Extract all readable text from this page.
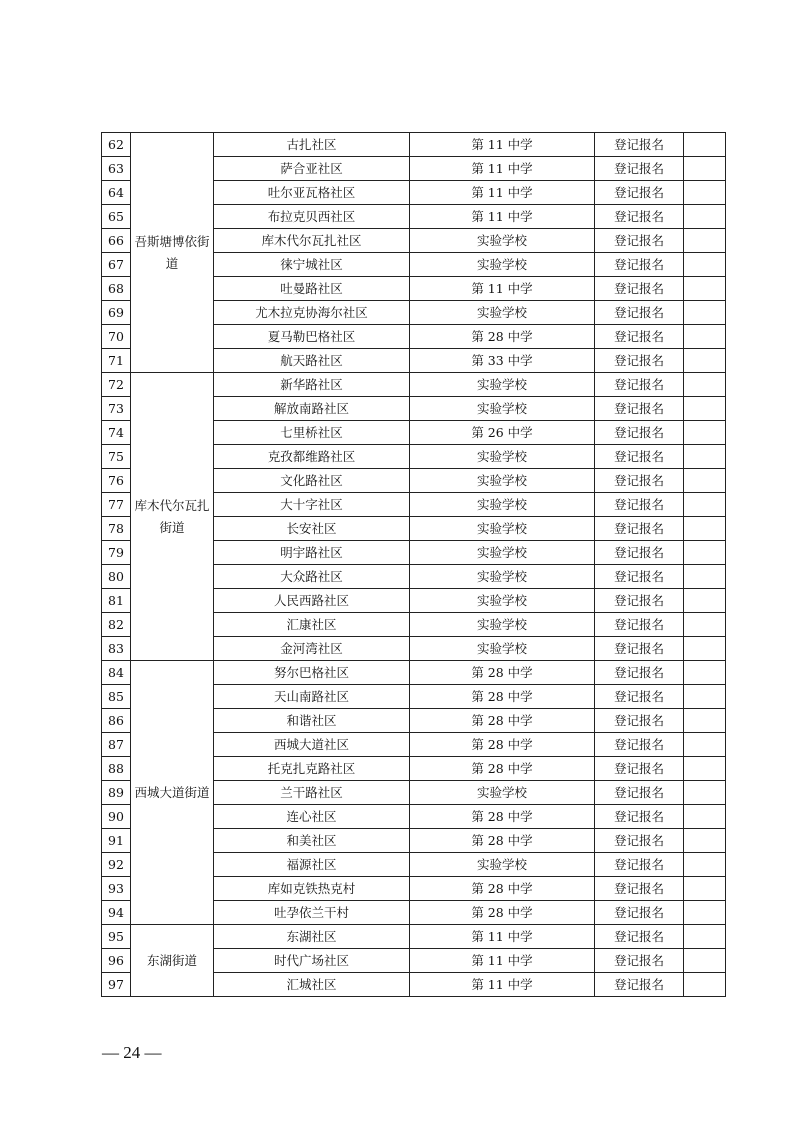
62	吾斯塘博依街道	古扎社区	第 11 中学	登记报名	
63		萨合亚社区	第 11 中学	登记报名	
64		吐尔亚瓦格社区	第 11 中学	登记报名	
65		布拉克贝西社区	第 11 中学	登记报名	
66		库木代尔瓦扎社区	实验学校	登记报名	
67		徕宁城社区	实验学校	登记报名	
68		吐曼路社区	第 11 中学	登记报名	
69		尤木拉克协海尔社区	实验学校	登记报名	
70		夏马勒巴格社区	第 28 中学	登记报名	
71		航天路社区	第 33 中学	登记报名	
72	库木代尔瓦扎街道	新华路社区	实验学校	登记报名	
73		解放南路社区	实验学校	登记报名	
74		七里桥社区	第 26 中学	登记报名	
75		克孜都维路社区	实验学校	登记报名	
76		文化路社区	实验学校	登记报名	
77		大十字社区	实验学校	登记报名	
78		长安社区	实验学校	登记报名	
79		明宇路社区	实验学校	登记报名	
80		大众路社区	实验学校	登记报名	
81		人民西路社区	实验学校	登记报名	
82		汇康社区	实验学校	登记报名	
83		金河湾社区	实验学校	登记报名	
84	西城大道街道	努尔巴格社区	第 28 中学	登记报名	
85		天山南路社区	第 28 中学	登记报名	
86		和谐社区	第 28 中学	登记报名	
87		西城大道社区	第 28 中学	登记报名	
88		托克扎克路社区	第 28 中学	登记报名	
89		兰干路社区	实验学校	登记报名	
90		连心社区	第 28 中学	登记报名	
91		和美社区	第 28 中学	登记报名	
92		福源社区	实验学校	登记报名	
93		库如克铁热克村	第 28 中学	登记报名	
94		吐孕依兰干村	第 28 中学	登记报名	
95	东湖街道	东湖社区	第 11 中学	登记报名	
96		时代广场社区	第 11 中学	登记报名	
97		汇城社区	第 11 中学	登记报名	
— 24 —
